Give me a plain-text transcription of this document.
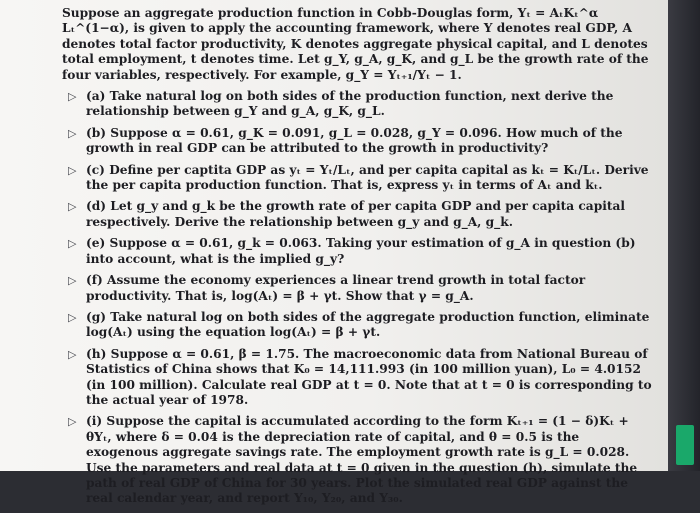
Suppose an aggregate production function in Cobb-Douglas form, Yₜ = AₜKₜ^α Lₜ^(1−α), is given to apply the accounting framework, where Y denotes real GDP, A denotes total factor productivity, K denotes aggregate physical capital, and L denotes total employment, t denotes time. Let g_Y, g_A, g_K, and g_L be the growth rate of the four variables, respectively. For example, g_Y = Yₜ₊₁/Yₜ − 1.

▷ (a) Take natural log on both sides of the production function, next derive the relationship between g_Y and g_A, g_K, g_L.
▷ (b) Suppose α = 0.61, g_K = 0.091, g_L = 0.028, g_Y = 0.096. How much of the growth in real GDP can be attributed to the growth in productivity?
▷ (c) Define per captita GDP as yₜ = Yₜ/Lₜ, and per capita capital as kₜ = Kₜ/Lₜ. Derive the per capita production function. That is, express yₜ in terms of Aₜ and kₜ.
▷ (d) Let g_y and g_k be the growth rate of per capita GDP and per capita capital respectively. Derive the relationship between g_y and g_A, g_k.
▷ (e) Suppose α = 0.61, g_k = 0.063. Taking your estimation of g_A in question (b) into account, what is the implied g_y?
▷ (f) Assume the economy experiences a linear trend growth in total factor productivity. That is, log(Aₜ) = β + γt. Show that γ = g_A.
▷ (g) Take natural log on both sides of the aggregate production function, eliminate log(Aₜ) using the equation log(Aₜ) = β + γt.
▷ (h) Suppose α = 0.61, β = 1.75. The macroeconomic data from National Bureau of Statistics of China shows that K₀ = 14,111.993 (in 100 million yuan), L₀ = 4.0152 (in 100 million). Calculate real GDP at t = 0. Note that at t = 0 is corresponding to the actual year of 1978.
▷ (i) Suppose the capital is accumulated according to the form Kₜ₊₁ = (1 − δ)Kₜ + θYₜ, where δ = 0.04 is the depreciation rate of capital, and θ = 0.5 is the exogenous aggregate savings rate. The employment growth rate is g_L = 0.028. Use the parameters and real data at t = 0 given in the question (h), simulate the path of real GDP of China for 30 years. Plot the simulated real GDP against the real calendar year, and report Y₁₀, Y₂₀, and Y₃₀.
